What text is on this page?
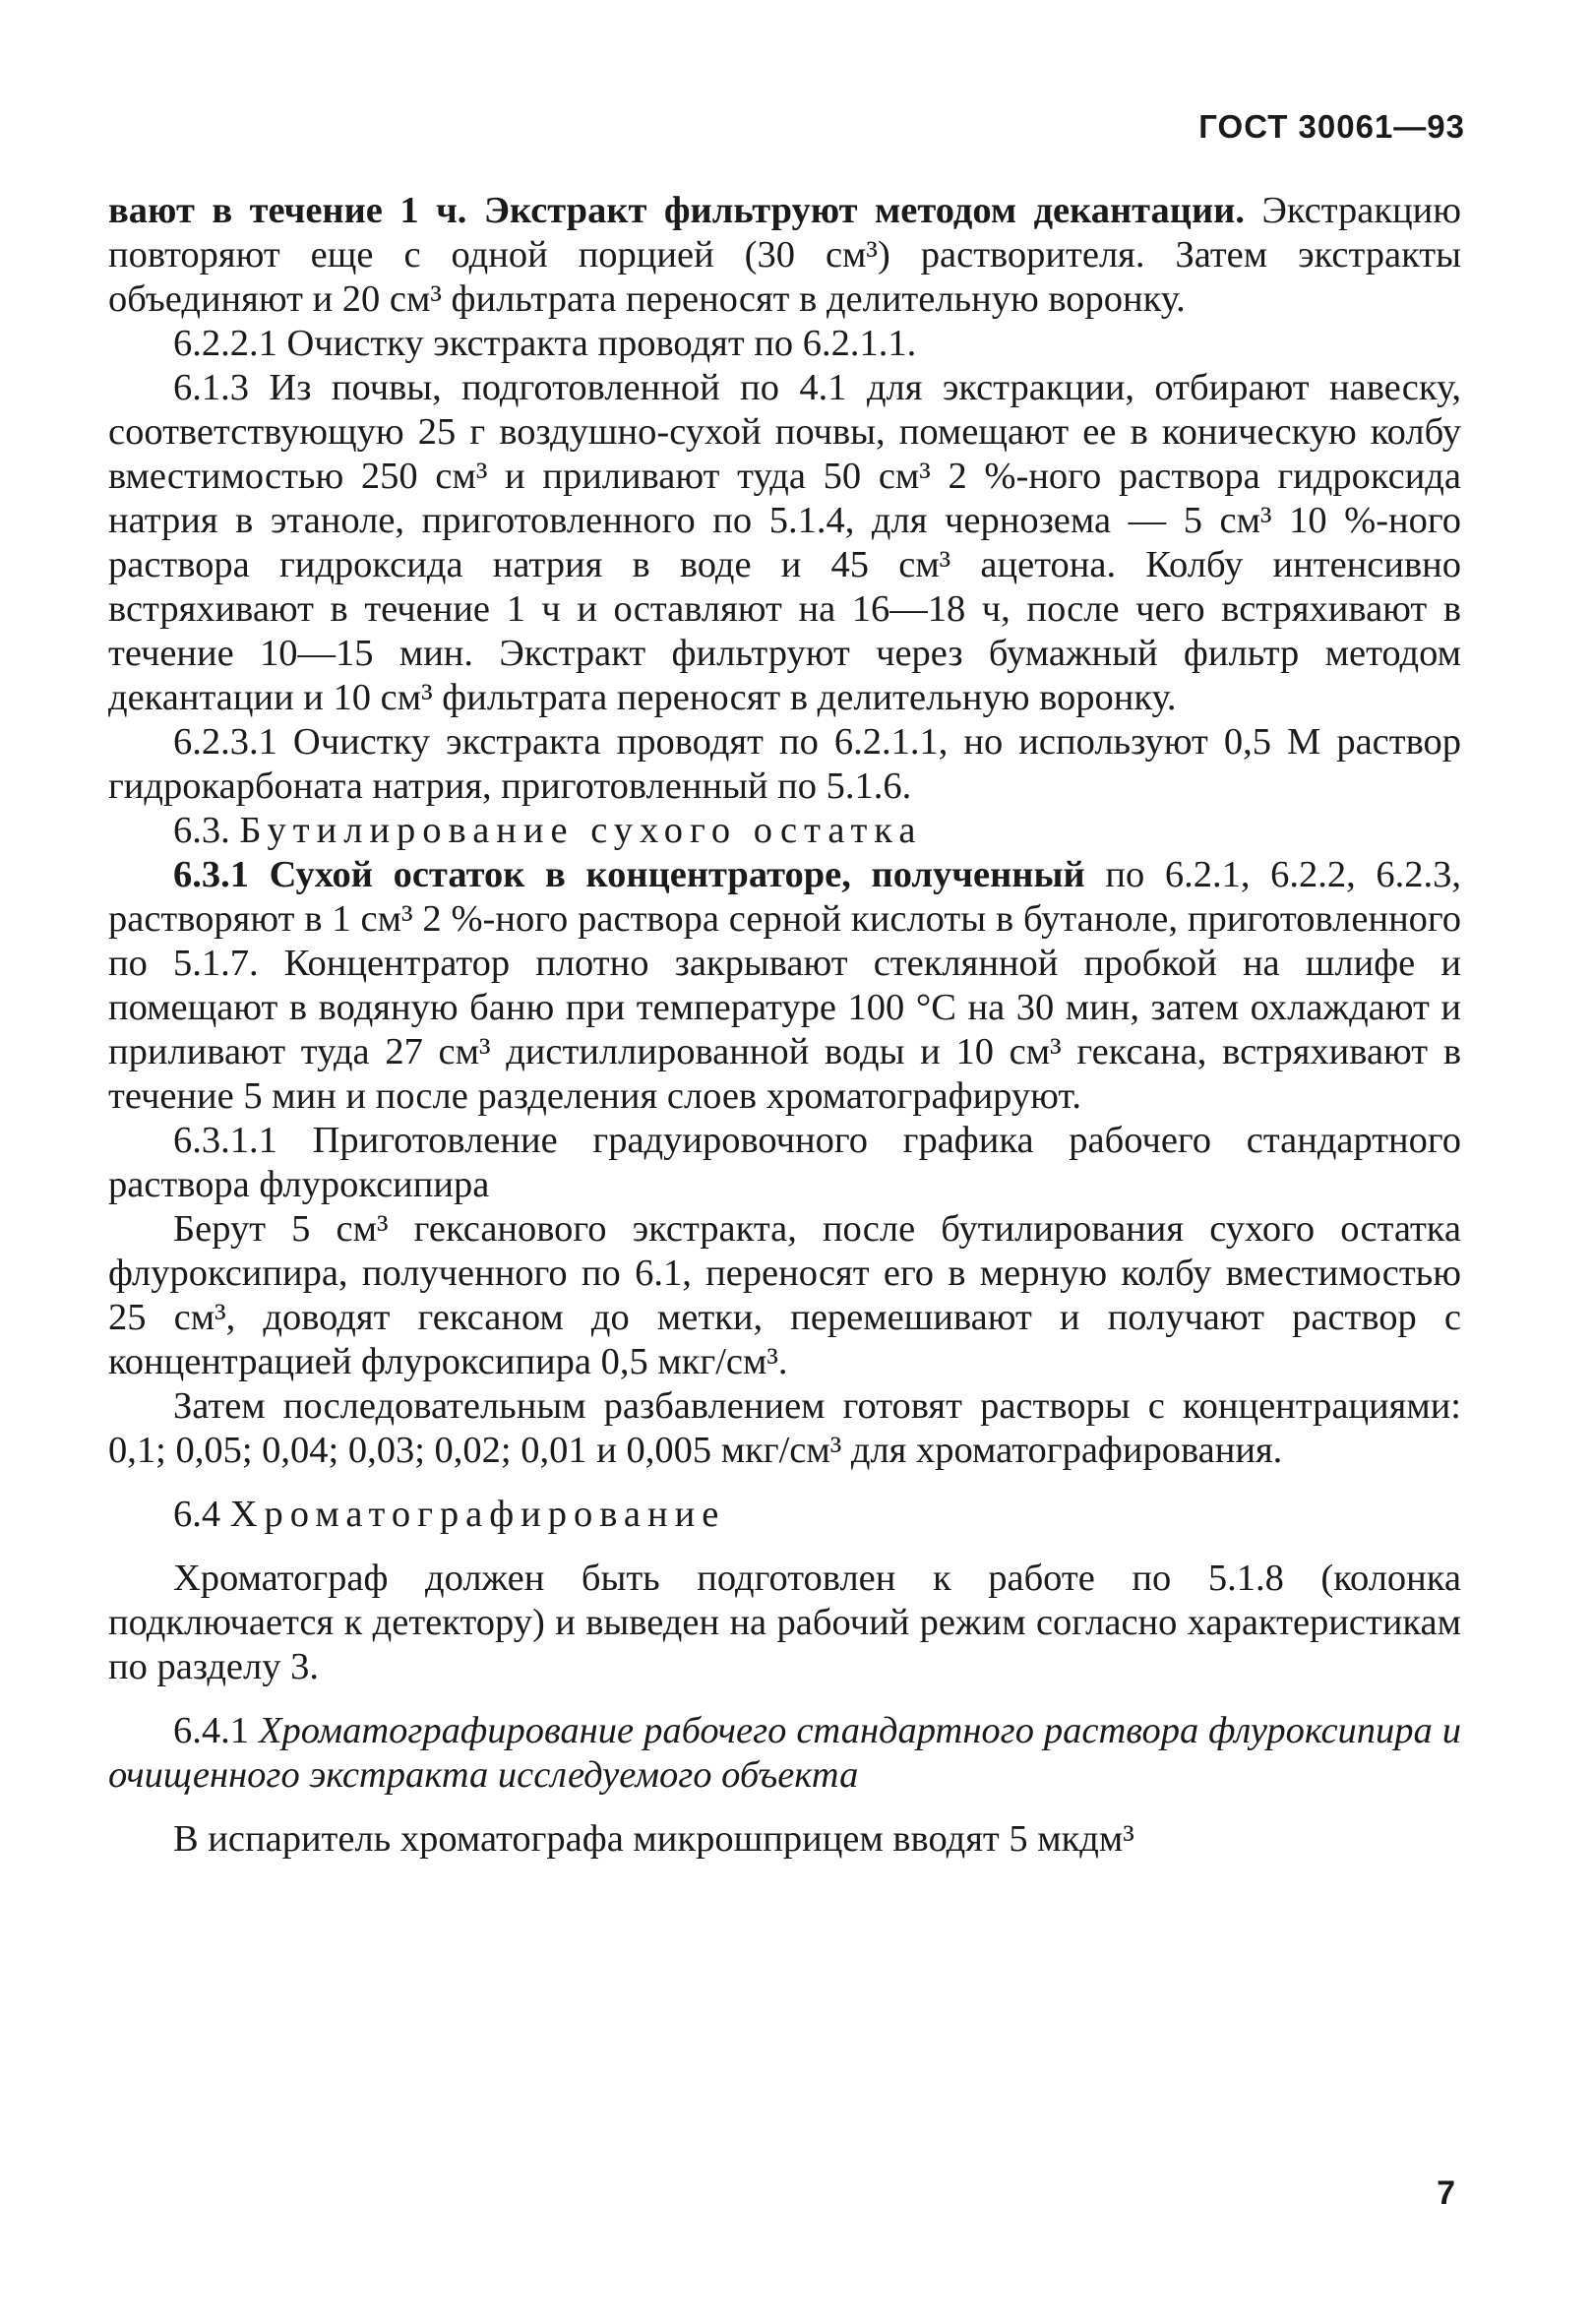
ГОСТ 30061—93

вают в течение 1 ч. Экстракт фильтруют методом декантации. Экстракцию повторяют еще с одной порцией (30 см³) растворителя. Затем экстракты объединяют и 20 см³ фильтрата переносят в делительную воронку.

6.2.2.1 Очистку экстракта проводят по 6.2.1.1.

6.1.3 Из почвы, подготовленной по 4.1 для экстракции, отбирают навеску, соответствующую 25 г воздушно-сухой почвы, помещают ее в коническую колбу вместимостью 250 см³ и приливают туда 50 см³ 2 %-ного раствора гидроксида натрия в этаноле, приготовленного по 5.1.4, для чернозема — 5 см³ 10 %-ного раствора гидроксида натрия в воде и 45 см³ ацетона. Колбу интенсивно встряхивают в течение 1 ч и оставляют на 16—18 ч, после чего встряхивают в течение 10—15 мин. Экстракт фильтруют через бумажный фильтр методом декантации и 10 см³ фильтрата переносят в делительную воронку.

6.2.3.1 Очистку экстракта проводят по 6.2.1.1, но используют 0,5 М раствор гидрокарбоната натрия, приготовленный по 5.1.6.

6.3. Бутилирование сухого остатка

6.3.1 Сухой остаток в концентраторе, полученный по 6.2.1, 6.2.2, 6.2.3, растворяют в 1 см³ 2 %-ного раствора серной кислоты в бутаноле, приготовленного по 5.1.7. Концентратор плотно закрывают стеклянной пробкой на шлифе и помещают в водяную баню при температуре 100 °С на 30 мин, затем охлаждают и приливают туда 27 см³ дистиллированной воды и 10 см³ гексана, встряхивают в течение 5 мин и после разделения слоев хроматографируют.

6.3.1.1 Приготовление градуировочного графика рабочего стандартного раствора флуроксипира

Берут 5 см³ гексанового экстракта, после бутилирования сухого остатка флуроксипира, полученного по 6.1, переносят его в мерную колбу вместимостью 25 см³, доводят гексаном до метки, перемешивают и получают раствор с концентрацией флуроксипира 0,5 мкг/см³.

Затем последовательным разбавлением готовят растворы с концентрациями: 0,1; 0,05; 0,04; 0,03; 0,02; 0,01 и 0,005 мкг/см³ для хроматографирования.

6.4 Хроматографирование

Хроматограф должен быть подготовлен к работе по 5.1.8 (колонка подключается к детектору) и выведен на рабочий режим согласно характеристикам по разделу 3.

6.4.1 Хроматографирование рабочего стандартного раствора флуроксипира и очищенного экстракта исследуемого объекта

В испаритель хроматографа микрошприцем вводят 5 мкдм³

7
